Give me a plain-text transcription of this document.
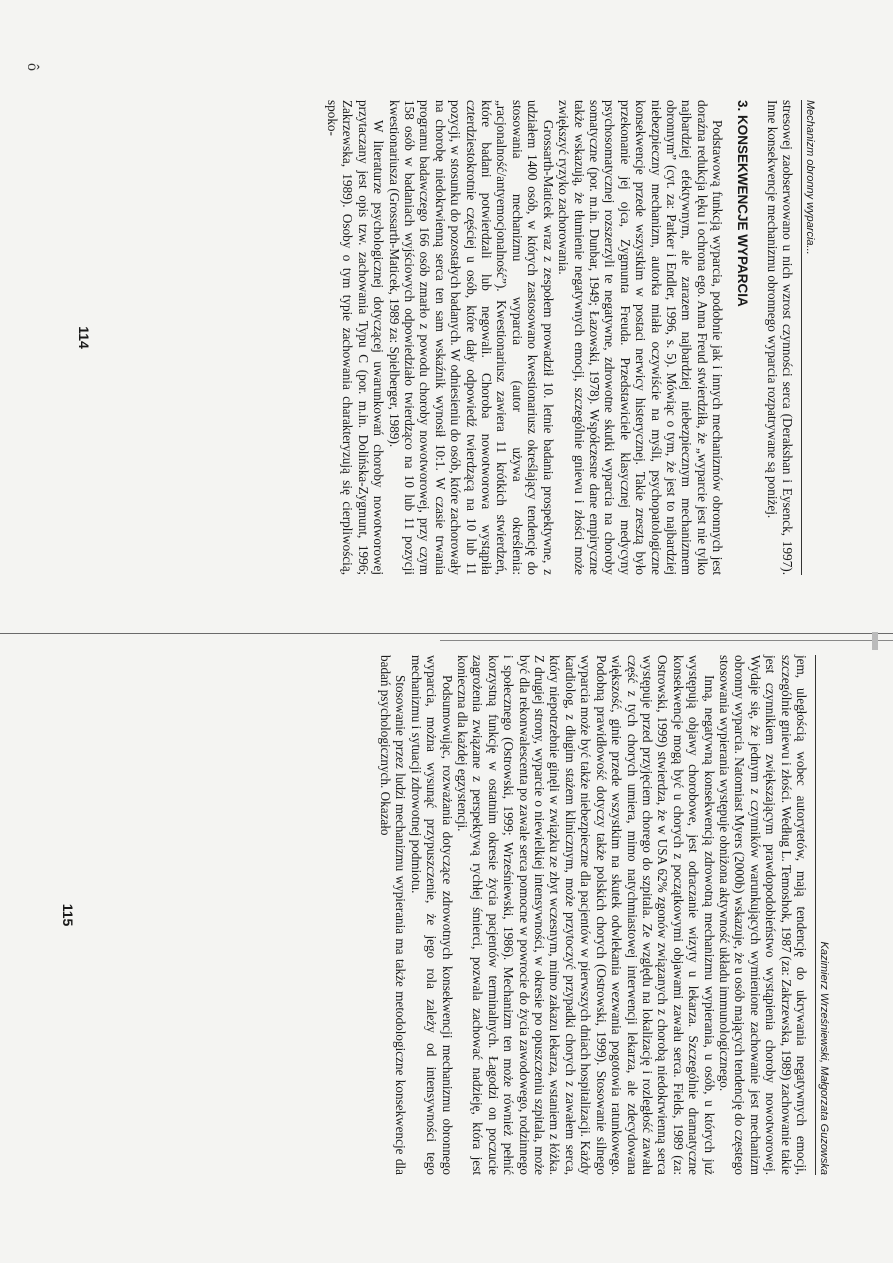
ô
Mechanizm obronny wyparcia...

stresowej zaobserwowano u nich wzrost czynności serca (Derakshan i Eysenck, 1997). Inne konsekwencje mechanizmu obronnego wyparcia rozpatrywane są poniżej.

3. KONSEKWENCJE WYPARCIA

Podstawową funkcją wyparcia, podobnie jak i innych mechanizmów obronnych jest doraźna redukcja lęku i ochrona ego. Anna Freud stwierdziła, że „wyparcie jest nie tylko najbardziej efektywnym, ale zarazem najbardziej niebezpiecznym mechanizmem obronnym” (cyt. za: Parker i Endler, 1996, s. 5). Mówiąc o tym, że jest to najbardziej niebezpieczny mechanizm, autorka miała oczywiście na myśli, psychopatologiczne konsekwencje przede wszystkim w postaci nerwicy histerycznej. Takie zresztą było przekonanie jej ojca, Zygmunta Freuda. Przedstawiciele klasycznej medycyny psychosomatycznej rozszerzyli te negatywne, zdrowotne skutki wyparcia na choroby somatyczne (por. m.in. Dunbar, 1949; Łazowski, 1978). Współczesne dane empiryczne także wskazują, że tłumienie negatywnych emocji, szczególnie gniewu i złości może zwiększyć ryzyko zachorowania.

Grossarth-Maticek wraz z zespołem prowadził 10. letnie badania prospektywne, z udziałem 1400 osób, w których zastosowano kwestionariusz określający tendencję do stosowania mechanizmu wyparcia (autor używa określenia: „racjonalność/antyemocjonalność”). Kwestionariusz zawiera 11 krótkich stwierdzeń, które badani potwierdzali lub negowali. Choroba nowotworowa wystąpiła czterdziestokrotnie częściej u osób, które dały odpowiedź twierdzącą na 10 lub 11 pozycji, w stosunku do pozostałych badanych. W odniesieniu do osób, które zachorowały na chorobę niedokrwienną serca ten sam wskaźnik wynosił 10:1. W czasie trwania programu badawczego 166 osób zmarło z powodu choroby nowotworowej, przy czym 158 osób w badaniach wyjściowych odpowiedziało twierdząco na 10 lub 11 pozycji kwestionariusza (Grossarth-Maticek, 1989 za: Spielberger, 1989).

W literaturze psychologicznej dotyczącej uwarunkowań choroby nowotworowej przytaczany jest opis tzw. zachowania Typu C (por. m.in. Dolińska-Zygmunt, 1996; Zakrzewska, 1989). Osoby o tym typie zachowania charakteryzują się cierpliwością, spoko-

114
Kazimierz Wrześniewski, Małgorzata Guzowska

jem, uległością wobec autorytetów, mają tendencję do ukrywania negatywnych emocji, szczególnie gniewu i złości. Według L. Temoshok, 1987 (za: Zakrzewska, 1989) zachowanie takie jest czynnikiem zwiększającym prawdopodobieństwo wystąpienia choroby nowotworowej. Wydaje się, że jednym z czynników warunkujących wymienione zachowanie jest mechanizm obronny wyparcia. Natomiast Myers (2000b) wskazuje, że u osób mających tendencję do częstego stosowania wypierania występuje obniżona aktywność układu immunologicznego.

Inną, negatywną konsekwencją zdrowotną mechanizmu wypierania, u osób, u których już występują objawy chorobowe, jest odraczanie wizyty u lekarza. Szczególnie dramatyczne konsekwencje mogą być u chorych z początkowymi objawami zawału serca. Fields, 1989 (za: Ostrowski, 1999) stwierdza, że w USA 62% zgonów związanych z chorobą niedokrwienną serca występuje przed przyjęciem chorego do szpitala. Ze względu na lokalizację i rozległość zawału część z tych chorych umiera, mimo natychmiastowej interwencji lekarza, ale zdecydowana większość, ginie przede wszystkim na skutek odwlekania wezwania pogotowia ratunkowego. Podobną prawidłowość dotyczy także polskich chorych (Ostrowski, 1999). Stosowanie silnego wyparcia może być także niebezpieczne dla pacjentów w pierwszych dniach hospitalizacji. Każdy kardiolog, z długim stażem klinicznym, może przytoczyć przypadki chorych z zawałem serca, który niepotrzebnie ginęli w związku ze zbyt wczesnym, mimo zakazu lekarza, wstaniem z łóżka. Z drugiej strony, wyparcie o niewielkiej intensywności, w okresie po opuszczeniu szpitala, może być dla rekonwalescenta po zawale serca pomocne w powrocie do życia zawodowego, rodzinnego i społecznego (Ostrowski, 1999; Wrześniewski, 1986). Mechanizm ten może również pełnić korzystną funkcję w ostatnim okresie życia pacjentów terminalnych. Łagodzi on poczucie zagrożenia związane z perspektywą rychłej śmierci, pozwala zachować nadzieję, która jest konieczna dla każdej egzystencji.

Podsumowując, rozważania dotyczące zdrowotnych konsekwencji mechanizmu obronnego wyparcia, można wysunąć przypuszczenie, że jego rola zależy od intensywności tego mechanizmu i sytuacji zdrowotnej podmiotu.

Stosowanie przez ludzi mechanizmu wypierania ma także metodologiczne konsekwencje dla badań psychologicznych. Okazało

115
